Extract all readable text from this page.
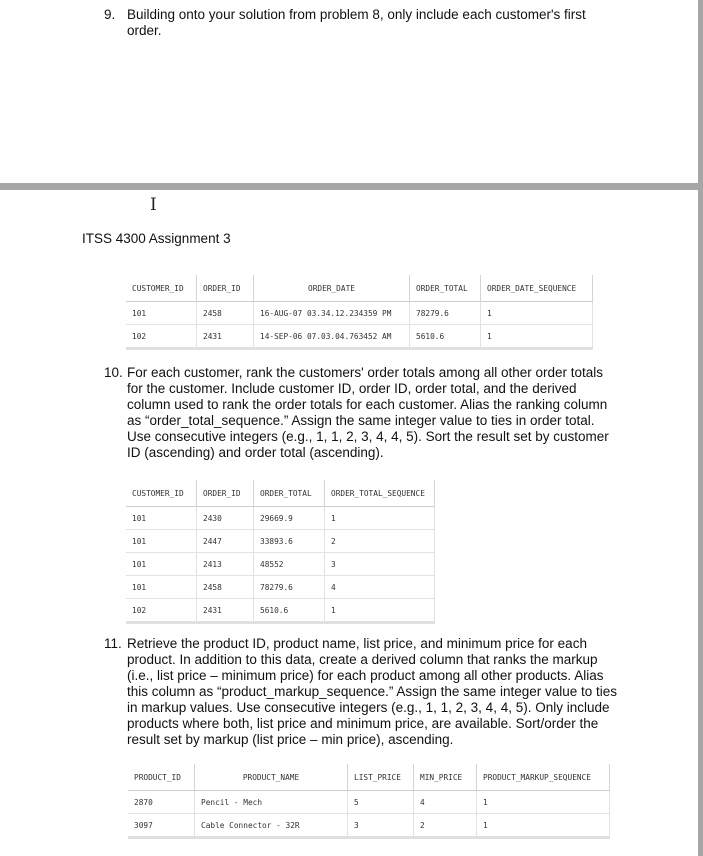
9. Building onto your solution from problem 8, only include each customer's first order.
I
ITSS 4300 Assignment 3
CUSTOMER_ID	ORDER_ID	ORDER_DATE	ORDER_TOTAL	ORDER_DATE_SEQUENCE
101	2458	16-AUG-07 03.34.12.234359 PM	78279.6	1
102	2431	14-SEP-06 07.03.04.763452 AM	5610.6	1
10. For each customer, rank the customers' order totals among all other order totals for the customer. Include customer ID, order ID, order total, and the derived column used to rank the order totals for each customer. Alias the ranking column as “order_total_sequence.” Assign the same integer value to ties in order total. Use consecutive integers (e.g., 1, 1, 2, 3, 4, 4, 5). Sort the result set by customer ID (ascending) and order total (ascending).
CUSTOMER_ID	ORDER_ID	ORDER_TOTAL	ORDER_TOTAL_SEQUENCE
101	2430	29669.9	1
101	2447	33893.6	2
101	2413	48552	3
101	2458	78279.6	4
102	2431	5610.6	1
11. Retrieve the product ID, product name, list price, and minimum price for each product. In addition to this data, create a derived column that ranks the markup (i.e., list price – minimum price) for each product among all other products. Alias this column as “product_markup_sequence.” Assign the same integer value to ties in markup values. Use consecutive integers (e.g., 1, 1, 2, 3, 4, 4, 5). Only include products where both, list price and minimum price, are available. Sort/order the result set by markup (list price – min price), ascending.
PRODUCT_ID	PRODUCT_NAME	LIST_PRICE	MIN_PRICE	PRODUCT_MARKUP_SEQUENCE
2870	Pencil - Mech	5	4	1
3097	Cable Connector - 32R	3	2	1
